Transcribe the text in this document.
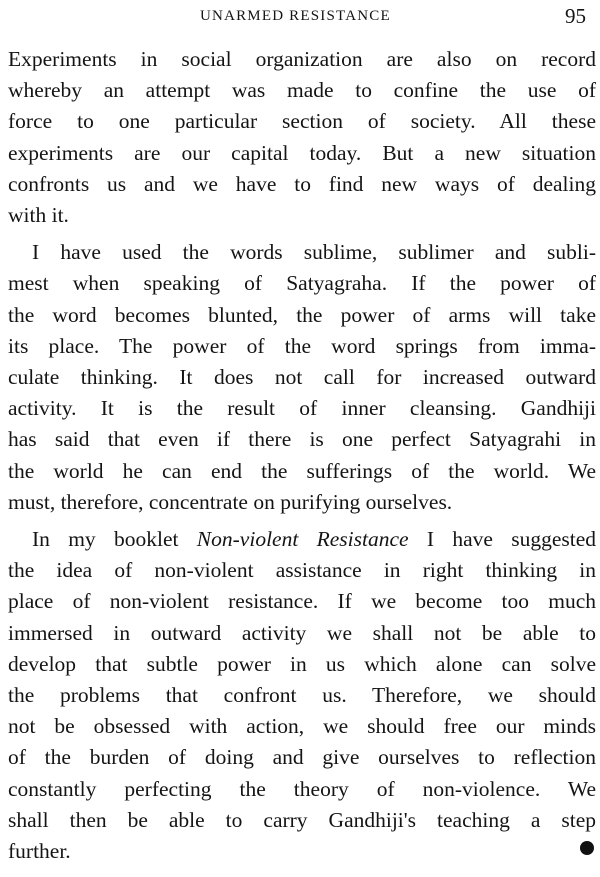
UNARMED RESISTANCE	95

Experiments in social organization are also on record
whereby an attempt was made to confine the use of
force to one particular section of society. All these
experiments are our capital today. But a new situation
confronts us and we have to find new ways of dealing
with it.

I have used the words sublime, sublimer and subli-
mest when speaking of Satyagraha. If the power of
the word becomes blunted, the power of arms will take
its place. The power of the word springs from imma-
culate thinking. It does not call for increased outward
activity. It is the result of inner cleansing. Gandhiji
has said that even if there is one perfect Satyagrahi in
the world he can end the sufferings of the world. We
must, therefore, concentrate on purifying ourselves.

In my booklet Non-violent Resistance I have suggested
the idea of non-violent assistance in right thinking in
place of non-violent resistance. If we become too much
immersed in outward activity we shall not be able to
develop that subtle power in us which alone can solve
the problems that confront us. Therefore, we should
not be obsessed with action, we should free our minds
of the burden of doing and give ourselves to reflection
constantly perfecting the theory of non-violence. We
shall then be able to carry Gandhiji's teaching a step
further.
